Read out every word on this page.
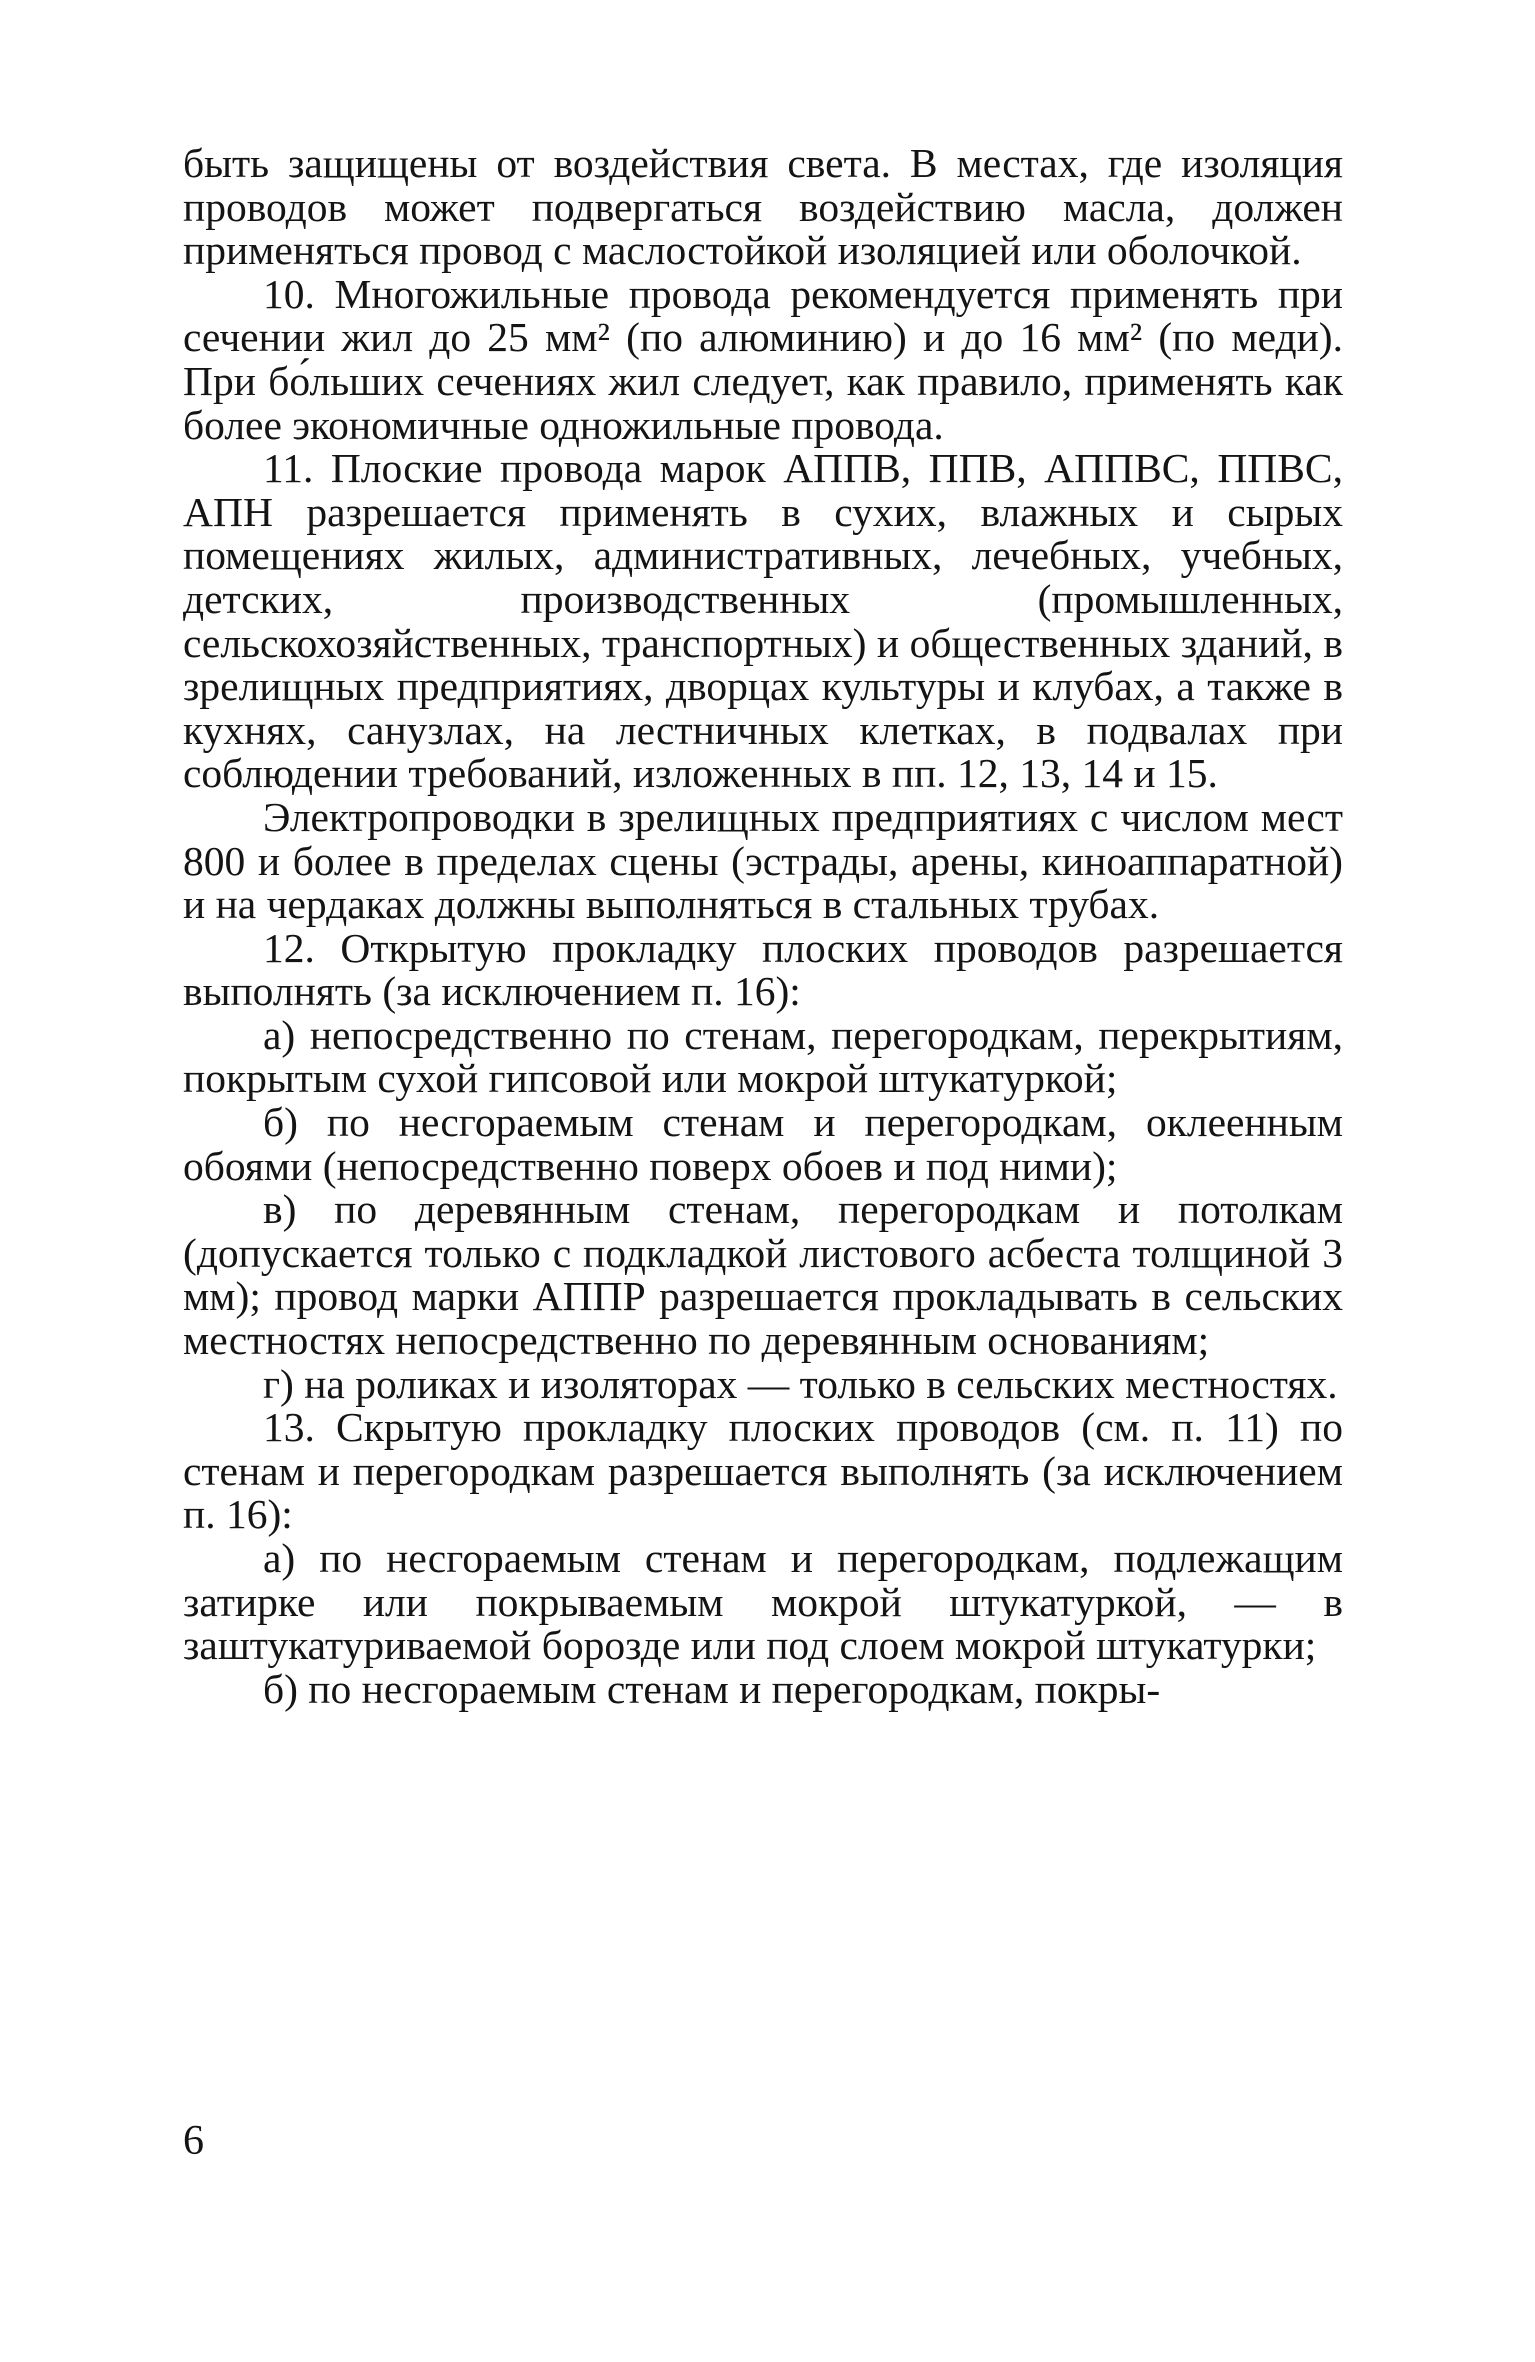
быть защищены от воздействия света. В местах, где изоляция проводов может подвергаться воздействию масла, должен применяться провод с маслостойкой изоляцией или оболочкой.

10. Многожильные провода рекомендуется применять при сечении жил до 25 мм² (по алюминию) и до 16 мм² (по меди). При бо́льших сечениях жил следует, как правило, применять как более экономичные одножильные провода.

11. Плоские провода марок АППВ, ППВ, АППВС, ППВС, АПН разрешается применять в сухих, влажных и сырых помещениях жилых, административных, лечебных, учебных, детских, производственных (промышленных, сельскохозяйственных, транспортных) и общественных зданий, в зрелищных предприятиях, дворцах культуры и клубах, а также в кухнях, санузлах, на лестничных клетках, в подвалах при соблюдении требований, изложенных в пп. 12, 13, 14 и 15.

Электропроводки в зрелищных предприятиях с числом мест 800 и более в пределах сцены (эстрады, арены, киноаппаратной) и на чердаках должны выполняться в стальных трубах.

12. Открытую прокладку плоских проводов разрешается выполнять (за исключением п. 16):

а) непосредственно по стенам, перегородкам, перекрытиям, покрытым сухой гипсовой или мокрой штукатуркой;

б) по несгораемым стенам и перегородкам, оклеенным обоями (непосредственно поверх обоев и под ними);

в) по деревянным стенам, перегородкам и потолкам (допускается только с подкладкой листового асбеста толщиной 3 мм); провод марки АППР разрешается прокладывать в сельских местностях непосредственно по деревянным основаниям;

г) на роликах и изоляторах — только в сельских местностях.

13. Скрытую прокладку плоских проводов (см. п. 11) по стенам и перегородкам разрешается выполнять (за исключением п. 16):

а) по несгораемым стенам и перегородкам, подлежащим затирке или покрываемым мокрой штукатуркой, — в заштукатуриваемой борозде или под слоем мокрой штукатурки;

б) по несгораемым стенам и перегородкам, покры-

6
